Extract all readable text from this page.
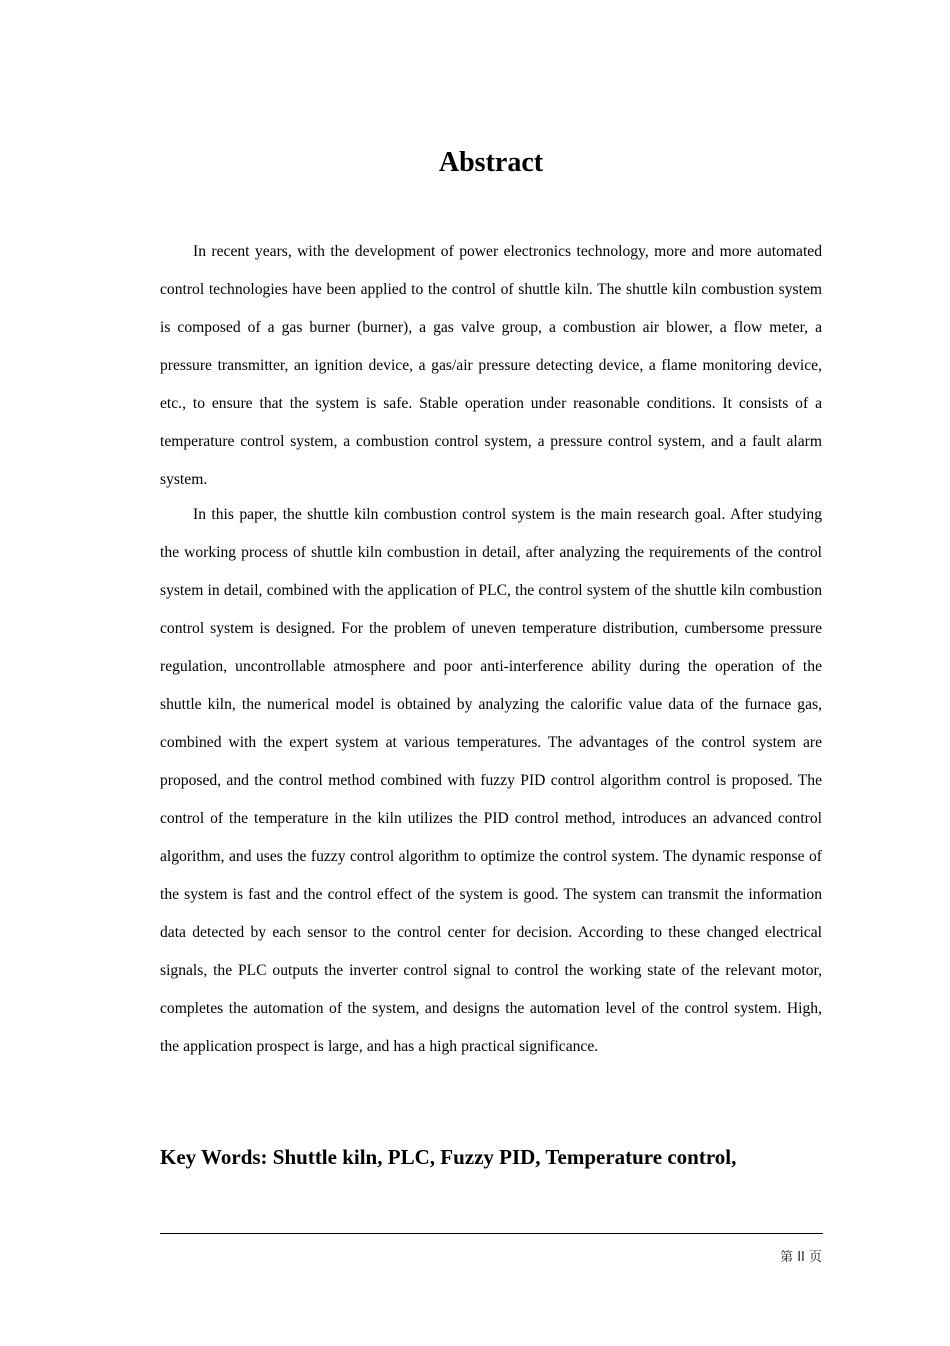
Abstract

In recent years, with the development of power electronics technology, more and more automated control technologies have been applied to the control of shuttle kiln. The shuttle kiln combustion system is composed of a gas burner (burner), a gas valve group, a combustion air blower, a flow meter, a pressure transmitter, an ignition device, a gas/air pressure detecting device, a flame monitoring device, etc., to ensure that the system is safe. Stable operation under reasonable conditions. It consists of a temperature control system, a combustion control system, a pressure control system, and a fault alarm system.

In this paper, the shuttle kiln combustion control system is the main research goal. After studying the working process of shuttle kiln combustion in detail, after analyzing the requirements of the control system in detail, combined with the application of PLC, the control system of the shuttle kiln combustion control system is designed. For the problem of uneven temperature distribution, cumbersome pressure regulation, uncontrollable atmosphere and poor anti-interference ability during the operation of the shuttle kiln, the numerical model is obtained by analyzing the calorific value data of the furnace gas, combined with the expert system at various temperatures. The advantages of the control system are proposed, and the control method combined with fuzzy PID control algorithm control is proposed. The control of the temperature in the kiln utilizes the PID control method, introduces an advanced control algorithm, and uses the fuzzy control algorithm to optimize the control system. The dynamic response of the system is fast and the control effect of the system is good. The system can transmit the information data detected by each sensor to the control center for decision. According to these changed electrical signals, the PLC outputs the inverter control signal to control the working state of the relevant motor, completes the automation of the system, and designs the automation level of the control system. High, the application prospect is large, and has a high practical significance.

Key Words: Shuttle kiln, PLC, Fuzzy PID, Temperature control,

第 II 页
